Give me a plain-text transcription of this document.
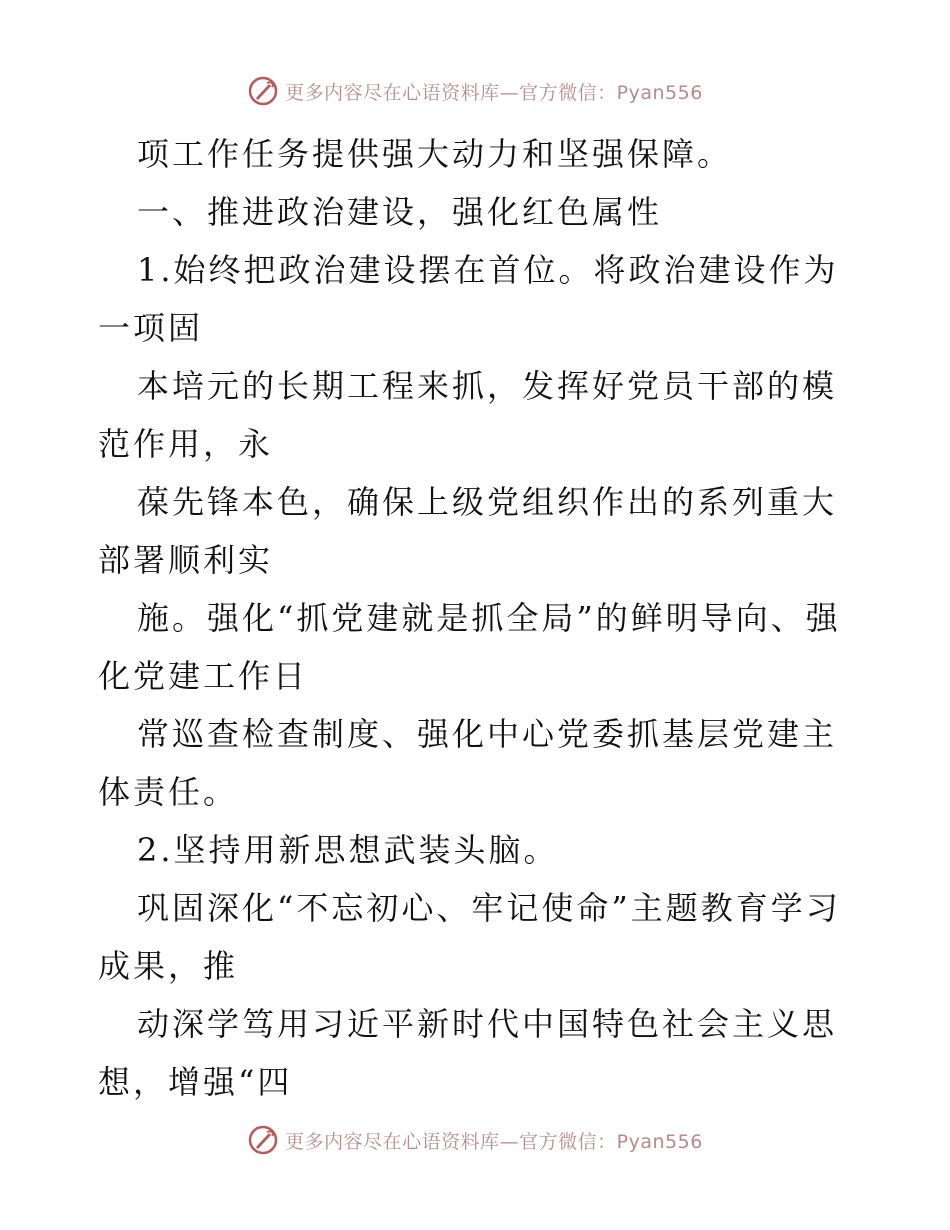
更多内容尽在心语资料库—官方微信：Pyan556

项工作任务提供强大动力和坚强保障。

一、推进政治建设，强化红色属性

1.始终把政治建设摆在首位。将政治建设作为一项固

本培元的长期工程来抓，发挥好党员干部的模范作用，永

葆先锋本色，确保上级党组织作出的系列重大部署顺利实

施。强化“抓党建就是抓全局”的鲜明导向、强化党建工作日

常巡查检查制度、强化中心党委抓基层党建主体责任。

2.坚持用新思想武装头脑。

巩固深化“不忘初心、牢记使命”主题教育学习成果，推

动深学笃用习近平新时代中国特色社会主义思想，增强“四

更多内容尽在心语资料库—官方微信：Pyan556
